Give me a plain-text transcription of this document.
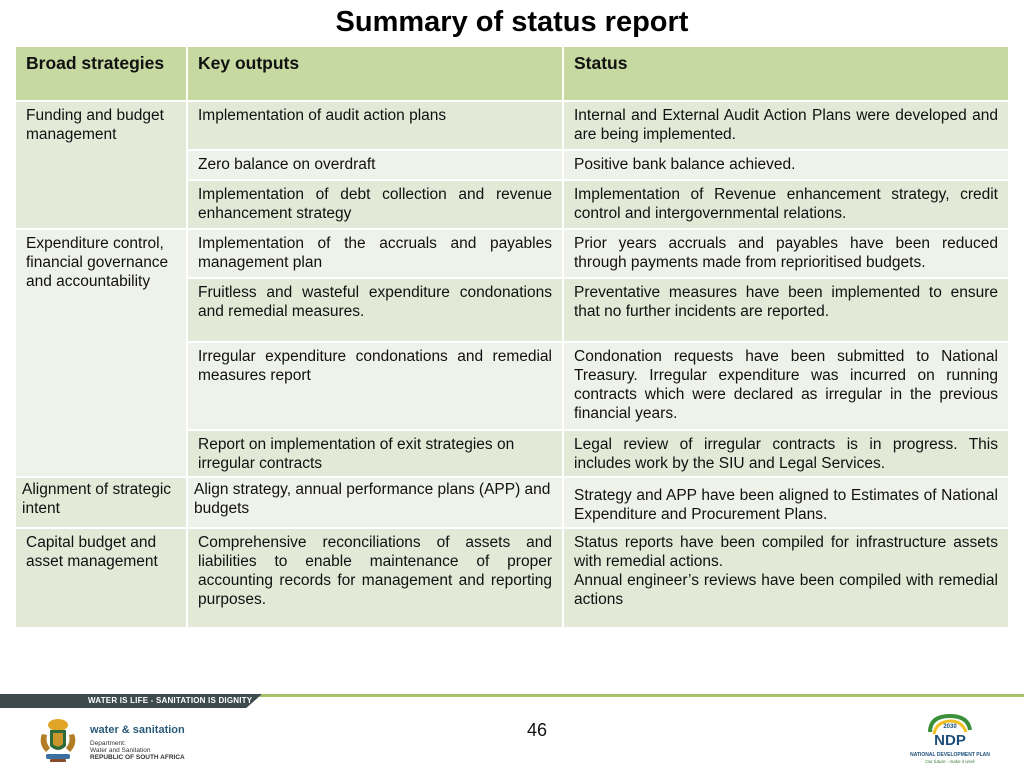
Summary of status report
Broad strategies	Key outputs	Status
Funding and budget management	Implementation of audit action plans	Internal and External Audit Action Plans were developed and are being implemented.
	Zero balance on overdraft	Positive bank balance achieved.
	Implementation of debt collection and revenue enhancement strategy	Implementation of Revenue enhancement strategy, credit control and intergovernmental relations.
Expenditure control, financial governance and accountability	Implementation of the accruals and payables management plan	Prior years accruals and payables have been reduced through payments made from reprioritised budgets.
	Fruitless and wasteful expenditure condonations and remedial measures.	Preventative measures have been implemented to ensure that no further incidents are reported.
	Irregular expenditure condonations and remedial measures report	Condonation requests have been submitted to National Treasury. Irregular expenditure was incurred on running contracts which were declared as irregular in the previous financial years.
	Report on implementation of exit strategies on irregular contracts	Legal review of irregular contracts is in progress. This includes work by the SIU and Legal Services.
Alignment of strategic intent	Align strategy, annual performance plans (APP) and budgets	Strategy and APP have been aligned to Estimates of National Expenditure and Procurement Plans.
Capital budget and asset management	Comprehensive reconciliations of assets and liabilities to enable maintenance of proper accounting records for management and reporting purposes.	Status reports have been compiled for infrastructure assets with remedial actions.
Annual engineer’s reviews have been compiled with remedial actions
WATER IS LIFE - SANITATION IS DIGNITY
46
water & sanitation
Department:
Water and Sanitation
REPUBLIC OF SOUTH AFRICA
2030
NDP
NATIONAL DEVELOPMENT PLAN
Our future - make it work
